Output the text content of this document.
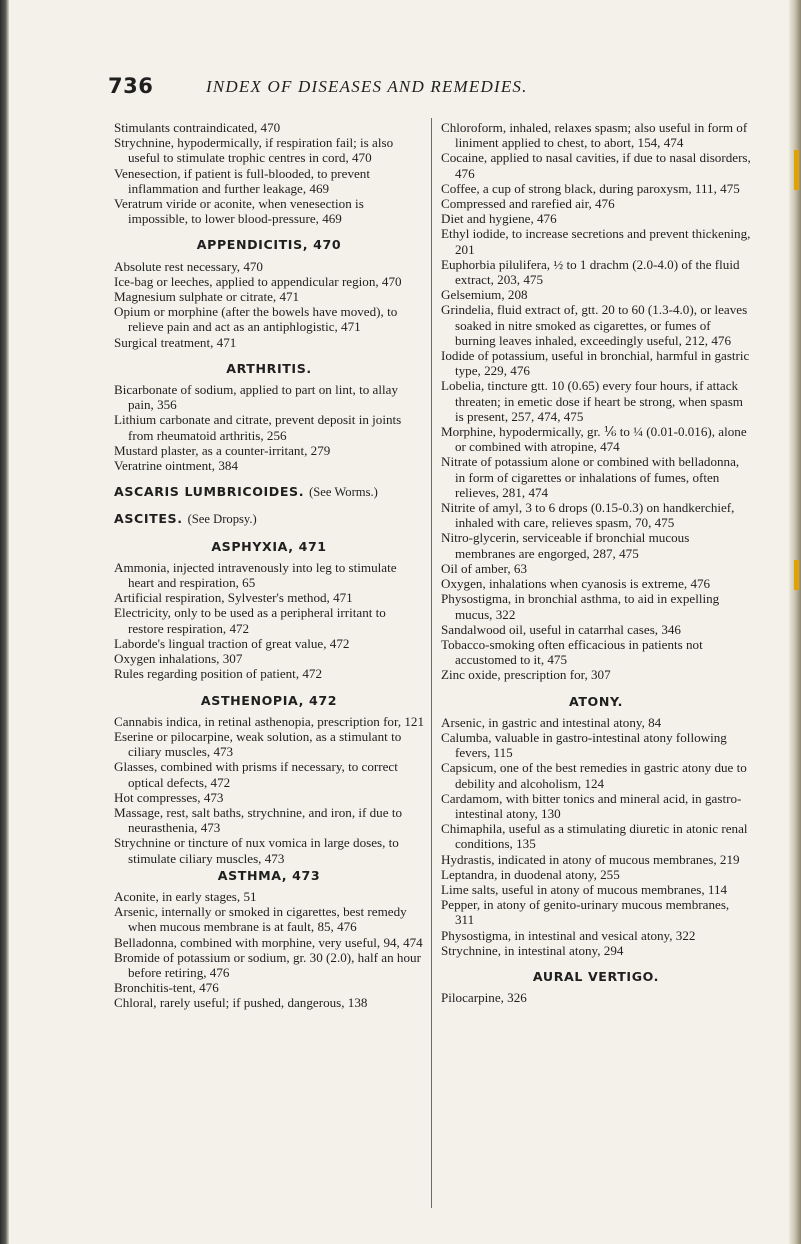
736	INDEX OF DISEASES AND REMEDIES.
Stimulants contraindicated, 470
Strychnine, hypodermically, if respiration fail; is also useful to stimulate trophic centres in cord, 470
Venesection, if patient is full-blooded, to prevent inflammation and further leakage, 469
Veratrum viride or aconite, when venesection is impossible, to lower blood-pressure, 469
APPENDICITIS, 470
Absolute rest necessary, 470
Ice-bag or leeches, applied to appendicular region, 470
Magnesium sulphate or citrate, 471
Opium or morphine (after the bowels have moved), to relieve pain and act as an antiphlogistic, 471
Surgical treatment, 471
ARTHRITIS.
Bicarbonate of sodium, applied to part on lint, to allay pain, 356
Lithium carbonate and citrate, prevent deposit in joints from rheumatoid arthritis, 256
Mustard plaster, as a counter-irritant, 279
Veratrine ointment, 384
ASCARIS LUMBRICOIDES. (See Worms.)
ASCITES. (See Dropsy.)
ASPHYXIA, 471
Ammonia, injected intravenously into leg to stimulate heart and respiration, 65
Artificial respiration, Sylvester's method, 471
Electricity, only to be used as a peripheral irritant to restore respiration, 472
Laborde's lingual traction of great value, 472
Oxygen inhalations, 307
Rules regarding position of patient, 472
ASTHENOPIA, 472
Cannabis indica, in retinal asthenopia, prescription for, 121
Eserine or pilocarpine, weak solution, as a stimulant to ciliary muscles, 473
Glasses, combined with prisms if necessary, to correct optical defects, 472
Hot compresses, 473
Massage, rest, salt baths, strychnine, and iron, if due to neurasthenia, 473
Strychnine or tincture of nux vomica in large doses, to stimulate ciliary muscles, 473
ASTHMA, 473
Aconite, in early stages, 51
Arsenic, internally or smoked in cigarettes, best remedy when mucous membrane is at fault, 85, 476
Belladonna, combined with morphine, very useful, 94, 474
Bromide of potassium or sodium, gr. 30 (2.0), half an hour before retiring, 476
Bronchitis-tent, 476
Chloral, rarely useful; if pushed, dangerous, 138
Chloroform, inhaled, relaxes spasm; also useful in form of liniment applied to chest, to abort, 154, 474
Cocaine, applied to nasal cavities, if due to nasal disorders, 476
Coffee, a cup of strong black, during paroxysm, 111, 475
Compressed and rarefied air, 476
Diet and hygiene, 476
Ethyl iodide, to increase secretions and prevent thickening, 201
Euphorbia pilulifera, ½ to 1 drachm (2.0-4.0) of the fluid extract, 203, 475
Gelsemium, 208
Grindelia, fluid extract of, gtt. 20 to 60 (1.3-4.0), or leaves soaked in nitre smoked as cigarettes, or fumes of burning leaves inhaled, exceedingly useful, 212, 476
Iodide of potassium, useful in bronchial, harmful in gastric type, 229, 476
Lobelia, tincture gtt. 10 (0.65) every four hours, if attack threaten; in emetic dose if heart be strong, when spasm is present, 257, 474, 475
Morphine, hypodermically, gr. ⅙ to ¼ (0.01-0.016), alone or combined with atropine, 474
Nitrate of potassium alone or combined with belladonna, in form of cigarettes or inhalations of fumes, often relieves, 281, 474
Nitrite of amyl, 3 to 6 drops (0.15-0.3) on handkerchief, inhaled with care, relieves spasm, 70, 475
Nitro-glycerin, serviceable if bronchial mucous membranes are engorged, 287, 475
Oil of amber, 63
Oxygen, inhalations when cyanosis is extreme, 476
Physostigma, in bronchial asthma, to aid in expelling mucus, 322
Sandalwood oil, useful in catarrhal cases, 346
Tobacco-smoking often efficacious in patients not accustomed to it, 475
Zinc oxide, prescription for, 307
ATONY.
Arsenic, in gastric and intestinal atony, 84
Calumba, valuable in gastro-intestinal atony following fevers, 115
Capsicum, one of the best remedies in gastric atony due to debility and alcoholism, 124
Cardamom, with bitter tonics and mineral acid, in gastro-intestinal atony, 130
Chimaphila, useful as a stimulating diuretic in atonic renal conditions, 135
Hydrastis, indicated in atony of mucous membranes, 219
Leptandra, in duodenal atony, 255
Lime salts, useful in atony of mucous membranes, 114
Pepper, in atony of genito-urinary mucous membranes, 311
Physostigma, in intestinal and vesical atony, 322
Strychnine, in intestinal atony, 294
AURAL VERTIGO.
Pilocarpine, 326
